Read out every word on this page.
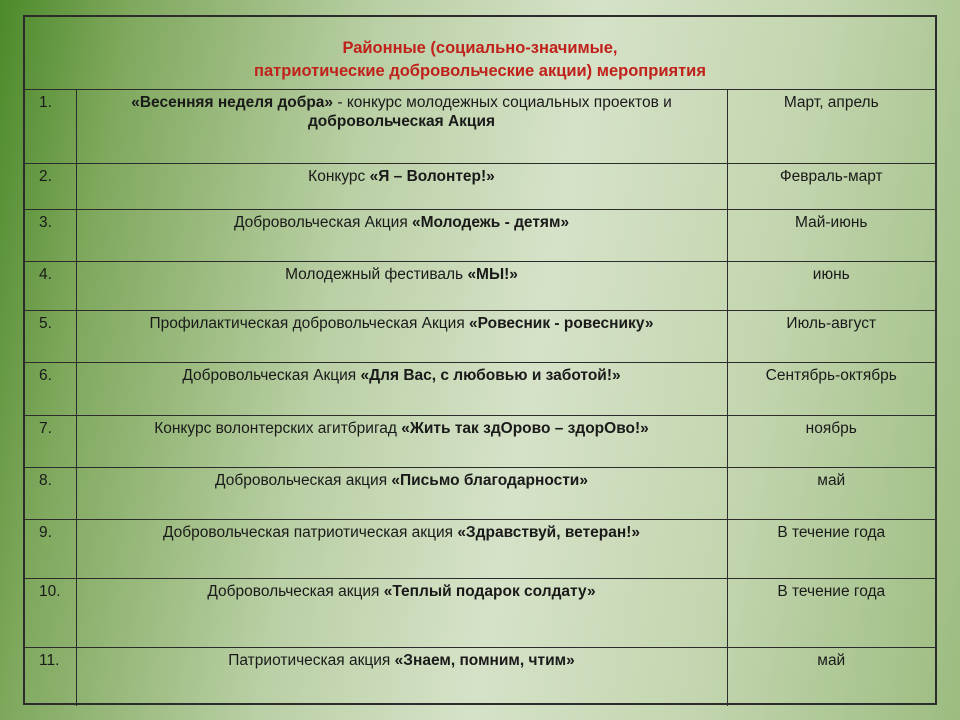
Районные (социально-значимые,
патриотические добровольческие акции) мероприятия
1.	«Весенняя неделя добра» - конкурс молодежных социальных проектов и добровольческая Акция	Март, апрель
2.	Конкурс «Я – Волонтер!»	Февраль-март
3.	Добровольческая Акция «Молодежь - детям»	Май-июнь
4.	Молодежный фестиваль «МЫ!»	июнь
5.	Профилактическая добровольческая Акция «Ровесник - ровеснику»	Июль-август
6.	Добровольческая Акция «Для Вас, с любовью и заботой!»	Сентябрь-октябрь
7.	Конкурс волонтерских агитбригад «Жить так здОрово – здорОво!»	ноябрь
8.	Добровольческая акция «Письмо благодарности»	май
9.	Добровольческая патриотическая акция «Здравствуй, ветеран!»	В течение года
10.	Добровольческая акция «Теплый подарок солдату»	В течение года
11.	Патриотическая акция «Знаем, помним, чтим»	май
